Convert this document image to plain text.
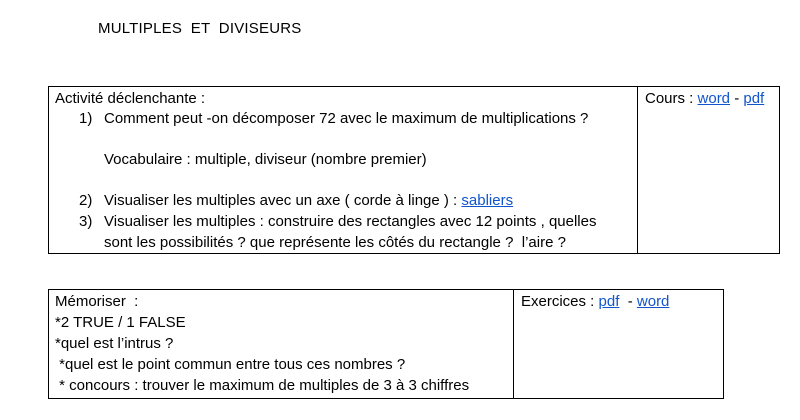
MULTIPLES  ET  DIVISEURS
Activité déclenchante :
1) Comment peut -on décomposer 72 avec le maximum de multiplications ?
Vocabulaire : multiple, diviseur (nombre premier)
2) Visualiser les multiples avec un axe ( corde à linge ) : sabliers
3) Visualiser les multiples : construire des rectangles avec 12 points , quelles
sont les possibilités ? que représente les côtés du rectangle ?  l’aire ?
Cours : word - pdf
Mémoriser  :
*2 TRUE / 1 FALSE
*quel est l’intrus ?
*quel est le point commun entre tous ces nombres ?
* concours : trouver le maximum de multiples de 3 à 3 chiffres
Exercices : pdf  - word
